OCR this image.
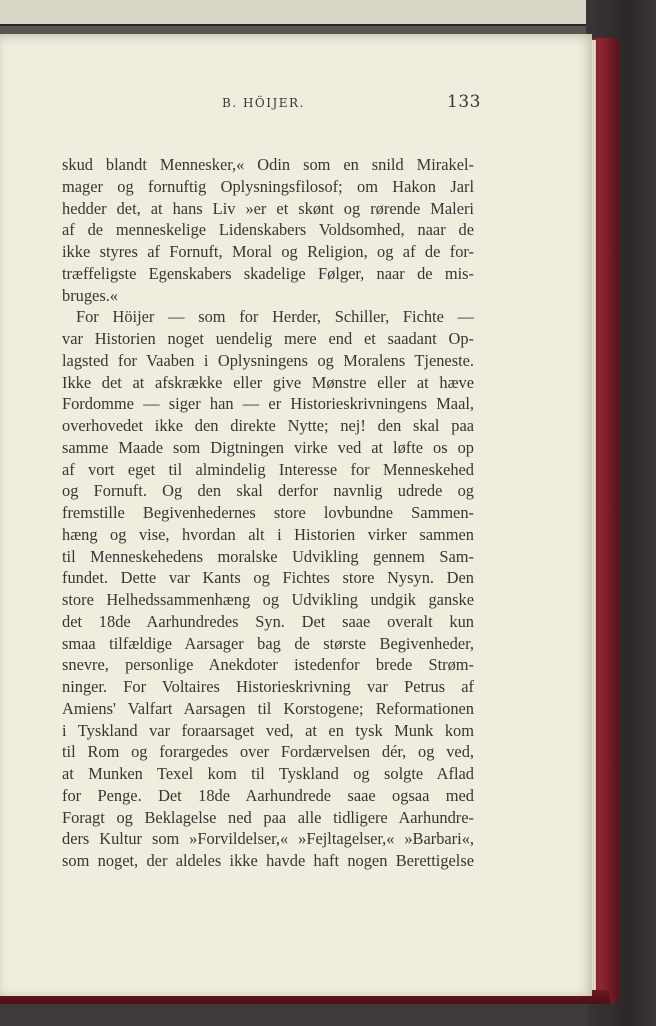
B. HÖIJER.	133
skud blandt Mennesker,« Odin som en snild Mirakel-
mager og fornuftig Oplysningsfilosof; om Hakon Jarl
hedder det, at hans Liv »er et skønt og rørende Maleri
af de menneskelige Lidenskabers Voldsomhed, naar de
ikke styres af Fornuft, Moral og Religion, og af de for-
træffeligste Egenskabers skadelige Følger, naar de mis-
bruges.«
For Höijer — som for Herder, Schiller, Fichte —
var Historien noget uendelig mere end et saadant Op-
lagsted for Vaaben i Oplysningens og Moralens Tjeneste.
Ikke det at afskrække eller give Mønstre eller at hæve
Fordomme — siger han — er Historieskrivningens Maal,
overhovedet ikke den direkte Nytte; nej! den skal paa
samme Maade som Digtningen virke ved at løfte os op
af vort eget til almindelig Interesse for Menneskehed
og Fornuft. Og den skal derfor navnlig udrede og
fremstille Begivenhedernes store lovbundne Sammen-
hæng og vise, hvordan alt i Historien virker sammen
til Menneskehedens moralske Udvikling gennem Sam-
fundet. Dette var Kants og Fichtes store Nysyn. Den
store Helhedssammenhæng og Udvikling undgik ganske
det 18de Aarhundredes Syn. Det saae overalt kun
smaa tilfældige Aarsager bag de største Begivenheder,
snevre, personlige Anekdoter istedenfor brede Strøm-
ninger. For Voltaires Historieskrivning var Petrus af
Amiens' Valfart Aarsagen til Korstogene; Reformationen
i Tyskland var foraarsaget ved, at en tysk Munk kom
til Rom og forargedes over Fordærvelsen dér, og ved,
at Munken Texel kom til Tyskland og solgte Aflad
for Penge. Det 18de Aarhundrede saae ogsaa med
Foragt og Beklagelse ned paa alle tidligere Aarhundre-
ders Kultur som »Forvildelser,« »Fejltagelser,« »Barbari«,
som noget, der aldeles ikke havde haft nogen Berettigelse
